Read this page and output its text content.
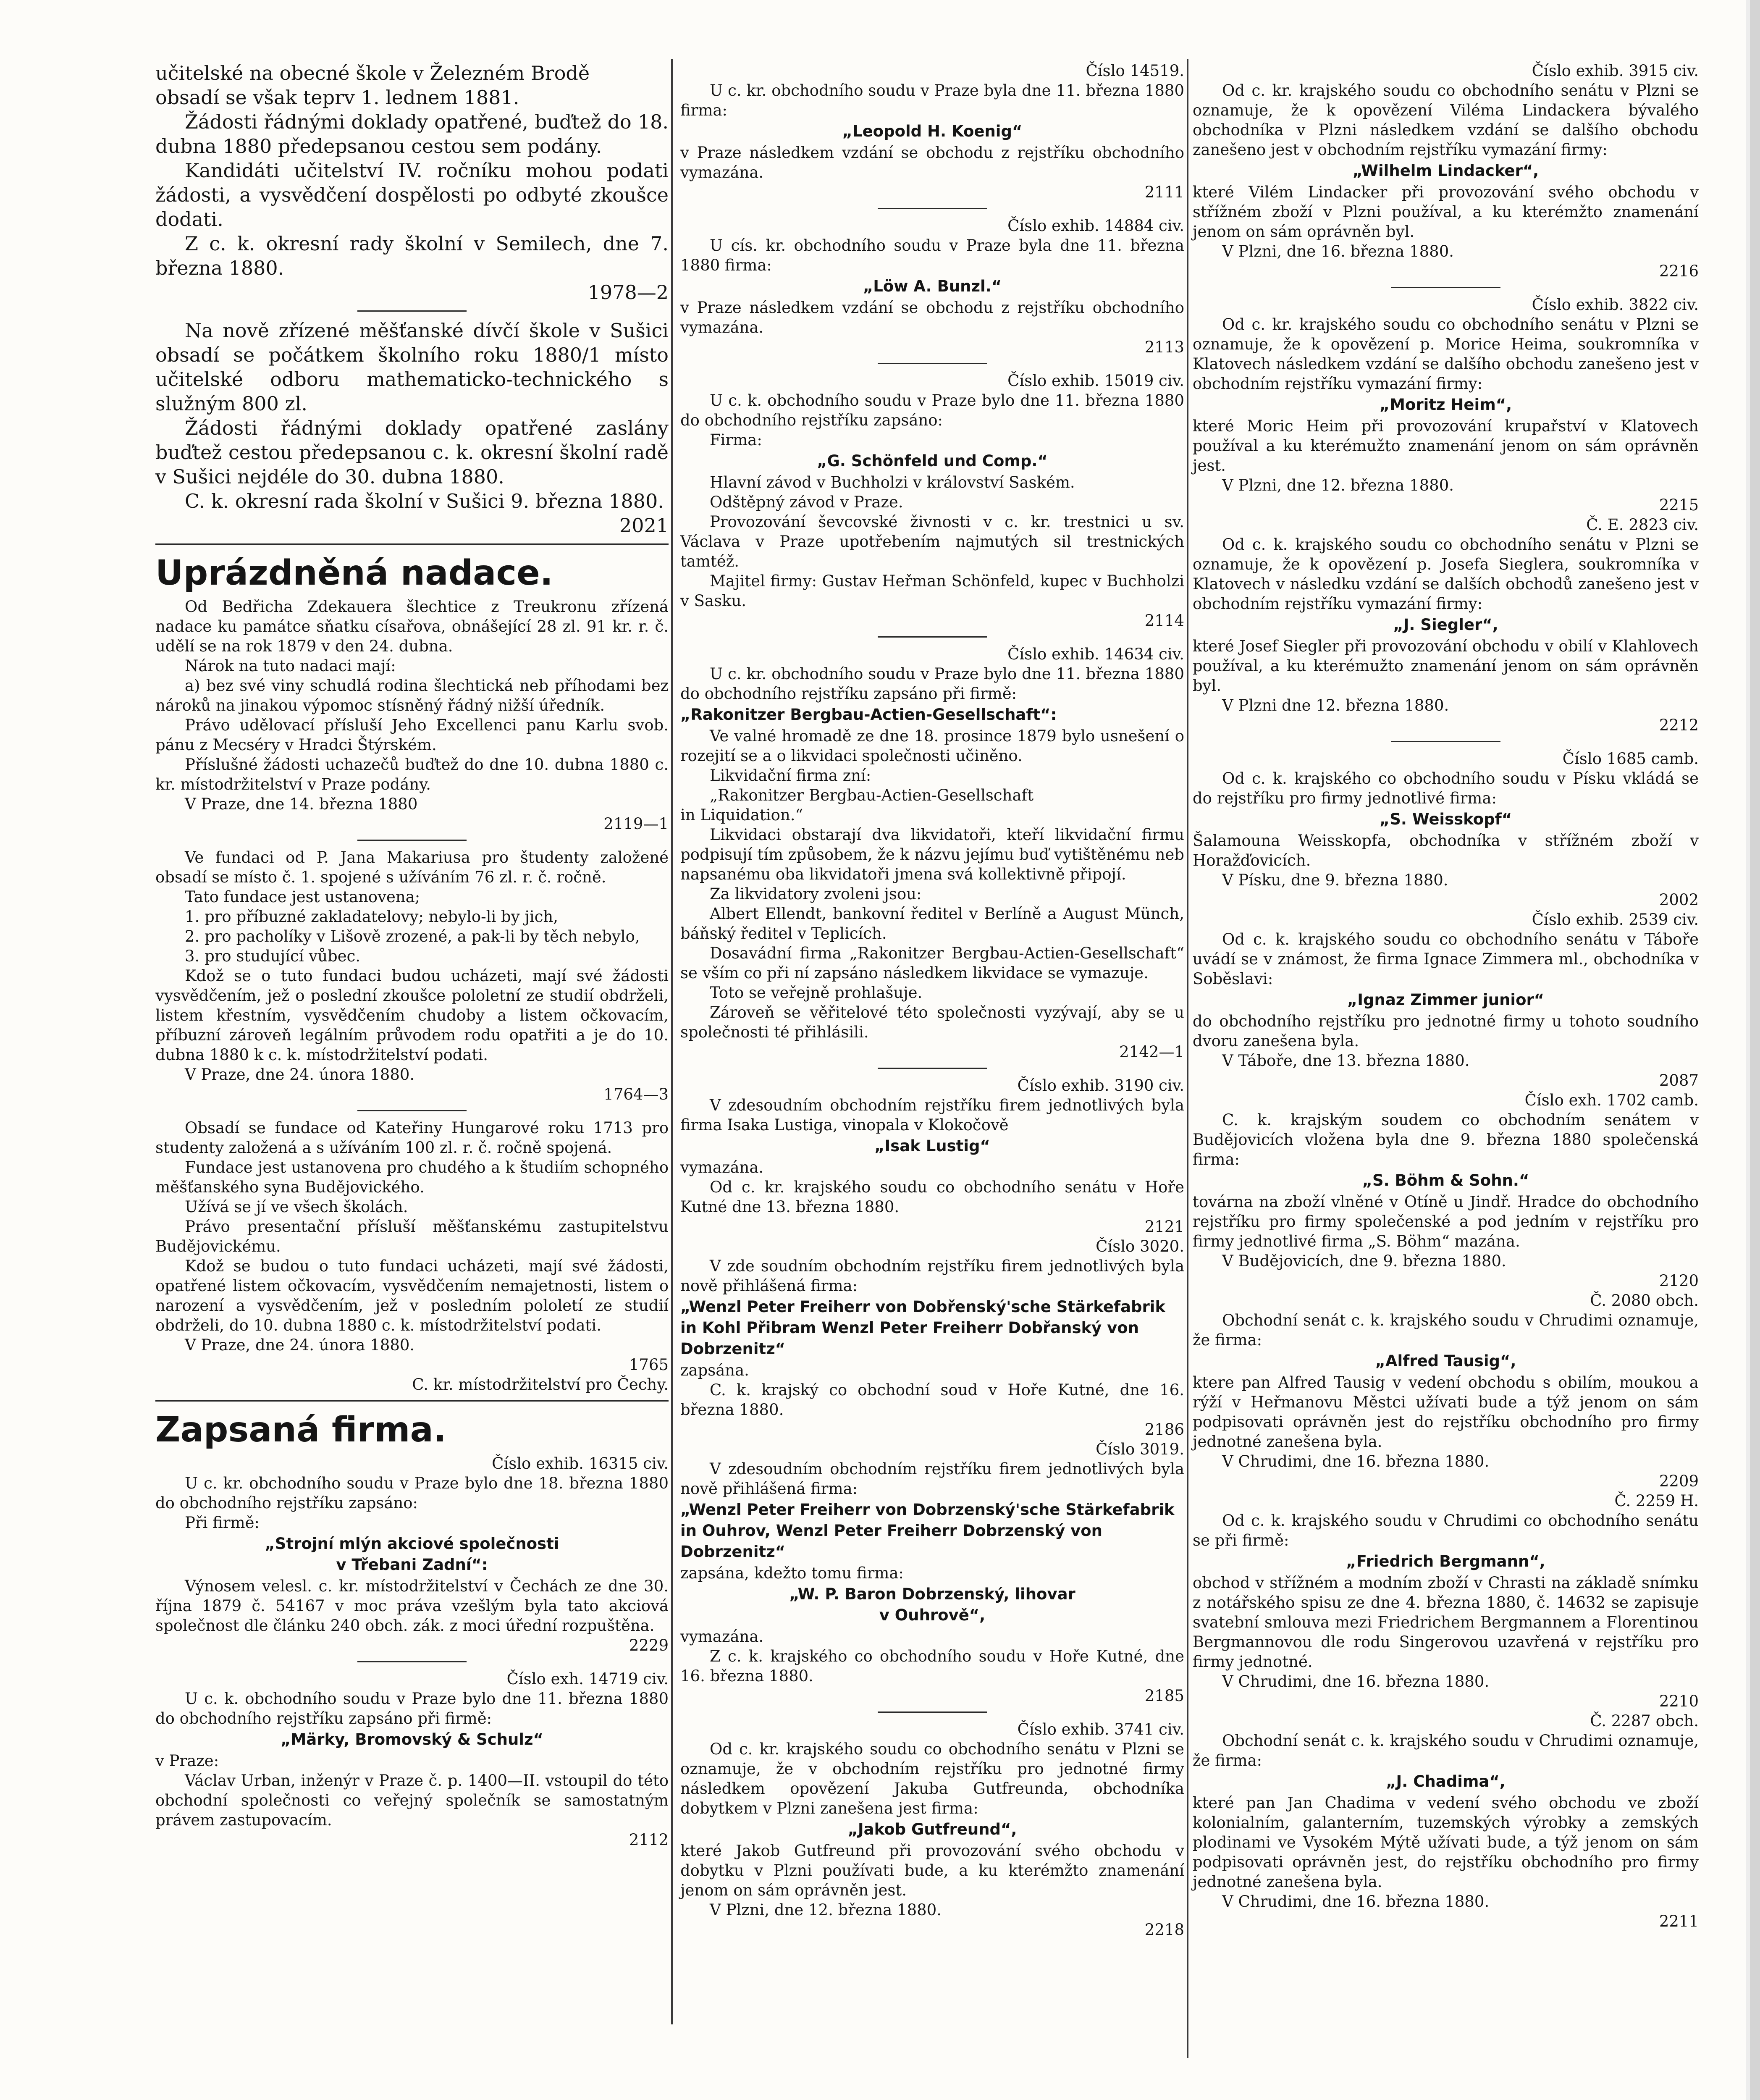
učitelské na obecné škole v Železném Brodě
obsadí se však teprv 1. lednem 1881.

Žádosti řádnými doklady opatřené, buďtež do 18. dubna 1880 předepsanou cestou sem podány.

Kandidáti učitelství IV. ročníku mohou podati žádosti, a vysvědčení dospělosti po odbyté zkoušce dodati.

Z c. k. okresní rady školní v Semilech, dne 7. března 1880.

1978—2

Na nově zřízené měšťanské dívčí škole v Sušici obsadí se počátkem školního roku 1880/1 místo učitelské odboru mathematicko-technického s služným 800 zl.

Žádosti řádnými doklady opatřené zaslány buďtež cestou předepsanou c. k. okresní školní radě v Sušici nejdéle do 30. dubna 1880.

C. k. okresní rada školní v Sušici 9. března 1880.

2021

Uprázdněná nadace.

Od Bedřicha Zdekauera šlechtice z Treukronu zřízená nadace ku památce sňatku císařova, obnášející 28 zl. 91 kr. r. č. udělí se na rok 1879 v den 24. dubna.

Nárok na tuto nadaci mají:

a) bez své viny schudlá rodina šlechtická neb příhodami bez nároků na jinakou výpomoc stísněný řádný nižší úředník.

Právo udělovací přísluší Jeho Excellenci panu Karlu svob. pánu z Mecséry v Hradci Štýrském.

Příslušné žádosti uchazečů buďtež do dne 10. dubna 1880 c. kr. místodržitelství v Praze podány.

V Praze, dne 14. března 1880

2119—1

Ve fundaci od P. Jana Makariusa pro študenty založené obsadí se místo č. 1. spojené s užíváním 76 zl. r. č. ročně.

Tato fundace jest ustanovena;

1. pro příbuzné zakladatelovy; nebylo-li by jich,

2. pro pacholíky v Lišově zrozené, a pak-li by těch nebylo,

3. pro studující vůbec.

Kdož se o tuto fundaci budou ucházeti, mají své žádosti vysvědčením, jež o poslední zkoušce pololetní ze studií obdrželi, listem křestním, vysvědčením chudoby a listem očkovacím, příbuzní zároveň legálním průvodem rodu opatřiti a je do 10. dubna 1880 k c. k. místodržitelství podati.

V Praze, dne 24. února 1880.

1764—3

Obsadí se fundace od Kateřiny Hungarové roku 1713 pro studenty založená a s užíváním 100 zl. r. č. ročně spojená.

Fundace jest ustanovena pro chudého a k študiím schopného měšťanského syna Budějovického.

Užívá se jí ve všech školách.

Právo presentační přísluší měšťanskému zastupitelstvu Budějovickému.

Kdož se budou o tuto fundaci ucházeti, mají své žádosti, opatřené listem očkovacím, vysvědčením nemajetnosti, listem o narození a vysvědčením, jež v posledním pololetí ze studií obdrželi, do 10. dubna 1880 c. k. místodržitelství podati.

V Praze, dne 24. února 1880.

1765

C. kr. místodržitelství pro Čechy.

Zapsaná firma.

Číslo exhib. 16315 civ.

U c. kr. obchodního soudu v Praze bylo dne 18. března 1880 do obchodního rejstříku zapsáno:

Při firmě:

„Strojní mlýn akciové společnosti
v Třebani Zadní“:

Výnosem velesl. c. kr. místodržitelství v Čechách ze dne 30. října 1879 č. 54167 v moc práva vzešlým byla tato akciová společnost dle článku 240 obch. zák. z moci úřední rozpuštěna.

2229

Číslo exh. 14719 civ.

U c. k. obchodního soudu v Praze bylo dne 11. března 1880 do obchodního rejstříku zapsáno při firmě:

„Märky, Bromovský & Schulz“

v Praze:

Václav Urban, inženýr v Praze č. p. 1400—II. vstoupil do této obchodní společnosti co veřejný společník se samostatným právem zastupovacím.

2112

Číslo 14519.

U c. kr. obchodního soudu v Praze byla dne 11. března 1880 firma:

„Leopold H. Koenig“

v Praze následkem vzdání se obchodu z rejstříku obchodního vymazána.

2111

Číslo exhib. 14884 civ.

U cís. kr. obchodního soudu v Praze byla dne 11. března 1880 firma:

„Löw A. Bunzl.“

v Praze následkem vzdání se obchodu z rejstříku obchodního vymazána.

2113

Číslo exhib. 15019 civ.

U c. k. obchodního soudu v Praze bylo dne 11. března 1880 do obchodního rejstříku zapsáno:

Firma:

„G. Schönfeld und Comp.“

Hlavní závod v Buchholzi v království Saském.

Odštěpný závod v Praze.

Provozování ševcovské živnosti v c. kr. trestnici u sv. Václava v Praze upotřebením najmutých sil trestnických tamtéž.

Majitel firmy: Gustav Heřman Schönfeld, kupec v Buchholzi v Sasku.

2114

Číslo exhib. 14634 civ.

U c. kr. obchodního soudu v Praze bylo dne 11. března 1880 do obchodního rejstříku zapsáno při firmě:

„Rakonitzer Bergbau-Actien-Gesellschaft“:

Ve valné hromadě ze dne 18. prosince 1879 bylo usnešení o rozejití se a o likvidaci společnosti učiněno.

Likvidační firma zní:

„Rakonitzer Bergbau-Actien-Gesellschaft
in Liquidation.“

Likvidaci obstarají dva likvidatoři, kteří likvidační firmu podpisují tím způsobem, že k názvu jejímu buď vytištěnému neb napsanému oba likvidatoři jmena svá kollektivně připojí.

Za likvidatory zvoleni jsou:

Albert Ellendt, bankovní ředitel v Berlíně a August Münch, báňský ředitel v Teplicích.

Dosavádní firma „Rakonitzer Bergbau-Actien-Gesellschaft“ se vším co při ní zapsáno následkem likvidace se vymazuje.

Toto se veřejně prohlašuje.

Zároveň se věřitelové této společnosti vyzývají, aby se u společnosti té přihlásili.

2142—1

Číslo exhib. 3190 civ.

V zdesoudním obchodním rejstříku firem jednotlivých byla firma Isaka Lustiga, vinopala v Klokočově

„Isak Lustig“

vymazána.

Od c. kr. krajského soudu co obchodního senátu v Hoře Kutné dne 13. března 1880.

2121

Číslo 3020.

V zde soudním obchodním rejstříku firem jednotlivých byla nově přihlášená firma:

„Wenzl Peter Freiherr von Dobřenský'sche Stärkefabrik in Kohl Přibram Wenzl Peter Freiherr Dobřanský von Dobrzenitz“

zapsána.

C. k. krajský co obchodní soud v Hoře Kutné, dne 16. března 1880.

2186

Číslo 3019.

V zdesoudním obchodním rejstříku firem jednotlivých byla nově přihlášená firma:

„Wenzl Peter Freiherr von Dobrzenský'sche Stärkefabrik in Ouhrov, Wenzl Peter Freiherr Dobrzenský von Dobrzenitz“

zapsána, kdežto tomu firma:

„W. P. Baron Dobrzenský, lihovar
v Ouhrově“,

vymazána.

Z c. k. krajského co obchodního soudu v Hoře Kutné, dne 16. března 1880.

2185

Číslo exhib. 3741 civ.

Od c. kr. krajského soudu co obchodního senátu v Plzni se oznamuje, že v obchodním rejstříku pro jednotné firmy následkem opovězení Jakuba Gutfreunda, obchodníka dobytkem v Plzni zanešena jest firma:

„Jakob Gutfreund“,

které Jakob Gutfreund při provozování svého obchodu v dobytku v Plzni používati bude, a ku kterémžto znamenání jenom on sám oprávněn jest.

V Plzni, dne 12. března 1880.

2218

Číslo exhib. 3915 civ.

Od c. kr. krajského soudu co obchodního senátu v Plzni se oznamuje, že k opovězení Viléma Lindackera bývalého obchodníka v Plzni následkem vzdání se dalšího obchodu zanešeno jest v obchodním rejstříku vymazání firmy:

„Wilhelm Lindacker“,

které Vilém Lindacker při provozování svého obchodu v střížném zboží v Plzni používal, a ku kterémžto znamenání jenom on sám oprávněn byl.

V Plzni, dne 16. března 1880.

2216

Číslo exhib. 3822 civ.

Od c. kr. krajského soudu co obchodního senátu v Plzni se oznamuje, že k opovězení p. Morice Heima, soukromníka v Klatovech následkem vzdání se dalšího obchodu zanešeno jest v obchodním rejstříku vymazání firmy:

„Moritz Heim“,

které Moric Heim při provozování krupařství v Klatovech používal a ku kterémužto znamenání jenom on sám oprávněn jest.

V Plzni, dne 12. března 1880.

2215

Č. E. 2823 civ.

Od c. k. krajského soudu co obchodního senátu v Plzni se oznamuje, že k opovězení p. Josefa Sieglera, soukromníka v Klatovech v následku vzdání se dalších obchodů zanešeno jest v obchodním rejstříku vymazání firmy:

„J. Siegler“,

které Josef Siegler při provozování obchodu v obilí v Klahlovech používal, a ku kterémužto znamenání jenom on sám oprávněn byl.

V Plzni dne 12. března 1880.

2212

Číslo 1685 camb.

Od c. k. krajského co obchodního soudu v Písku vkládá se do rejstříku pro firmy jednotlivé firma:

„S. Weisskopf“

Šalamouna Weisskopfa, obchodníka v střížném zboží v Horažďovicích.

V Písku, dne 9. března 1880.

2002

Číslo exhib. 2539 civ.

Od c. k. krajského soudu co obchodního senátu v Táboře uvádí se v známost, že firma Ignace Zimmera ml., obchodníka v Soběslavi:

„Ignaz Zimmer junior“

do obchodního rejstříku pro jednotné firmy u tohoto soudního dvoru zanešena byla.

V Táboře, dne 13. března 1880.

2087

Číslo exh. 1702 camb.

C. k. krajským soudem co obchodním senátem v Budějovicích vložena byla dne 9. března 1880 společenská firma:

„S. Böhm & Sohn.“

továrna na zboží vlněné v Otíně u Jindř. Hradce do obchodního rejstříku pro firmy společenské a pod jedním v rejstříku pro firmy jednotlivé firma „S. Böhm“ mazána.

V Budějovicích, dne 9. března 1880.

2120

Č. 2080 obch.

Obchodní senát c. k. krajského soudu v Chrudimi oznamuje, že firma:

„Alfred Tausig“,

ktere pan Alfred Tausig v vedení obchodu s obilím, moukou a rýží v Heřmanovu Městci užívati bude a týž jenom on sám podpisovati oprávněn jest do rejstříku obchodního pro firmy jednotné zanešena byla.

V Chrudimi, dne 16. března 1880.

2209

Č. 2259 H.

Od c. k. krajského soudu v Chrudimi co obchodního senátu se při firmě:

„Friedrich Bergmann“,

obchod v střížném a modním zboží v Chrasti na základě snímku z notářského spisu ze dne 4. března 1880, č. 14632 se zapisuje svatební smlouva mezi Friedrichem Bergmannem a Florentinou Bergmannovou dle rodu Singerovou uzavřená v rejstříku pro firmy jednotné.

V Chrudimi, dne 16. března 1880.

2210

Č. 2287 obch.

Obchodní senát c. k. krajského soudu v Chrudimi oznamuje, že firma:

„J. Chadima“,

které pan Jan Chadima v vedení svého obchodu ve zboží kolonialním, galanterním, tuzemských výrobky a zemských plodinami ve Vysokém Mýtě užívati bude, a týž jenom on sám podpisovati oprávněn jest, do rejstříku obchodního pro firmy jednotné zanešena byla.

V Chrudimi, dne 16. března 1880.

2211
